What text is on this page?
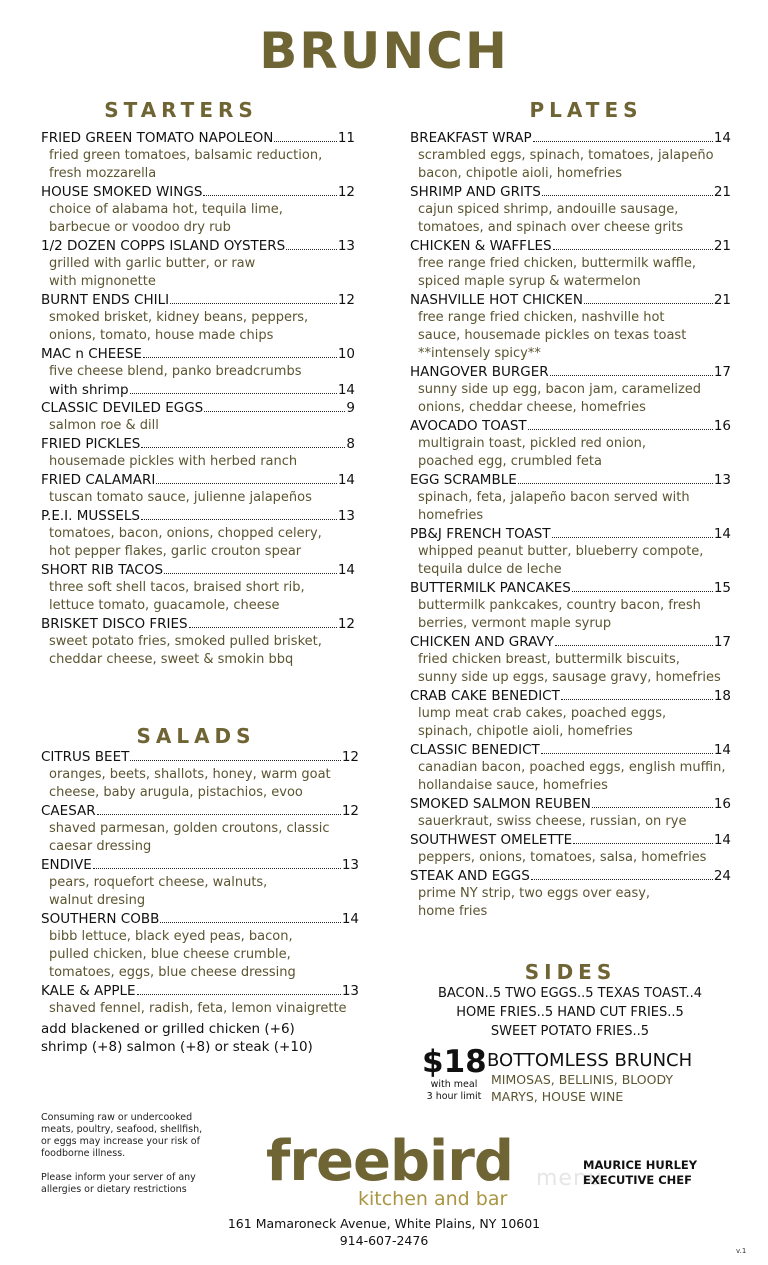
BRUNCH
STARTERS
FRIED GREEN TOMATO NAPOLEON	11
fried green tomatoes, balsamic reduction,
fresh mozzarella
HOUSE SMOKED WINGS	12
choice of alabama hot, tequila lime,
barbecue or voodoo dry rub
1/2 DOZEN COPPS ISLAND OYSTERS	13
grilled with garlic butter, or raw
with mignonette
BURNT ENDS CHILI	12
smoked brisket, kidney beans, peppers,
onions, tomato, house made chips
MAC n CHEESE	10
five cheese blend, panko breadcrumbs
with shrimp	14
CLASSIC DEVILED EGGS	9
salmon roe & dill
FRIED PICKLES	8
housemade pickles with herbed ranch
FRIED CALAMARI	14
tuscan tomato sauce, julienne jalapeños
P.E.I. MUSSELS	13
tomatoes, bacon, onions, chopped celery,
hot pepper flakes, garlic crouton spear
SHORT RIB TACOS	14
three soft shell tacos, braised short rib,
lettuce tomato, guacamole, cheese
BRISKET DISCO FRIES	12
sweet potato fries, smoked pulled brisket,
cheddar cheese, sweet & smokin bbq
SALADS
CITRUS BEET	12
oranges, beets, shallots, honey, warm goat
cheese, baby arugula, pistachios, evoo
CAESAR	12
shaved parmesan, golden croutons, classic
caesar dressing
ENDIVE	13
pears, roquefort cheese, walnuts,
walnut dresing
SOUTHERN COBB	14
bibb lettuce, black eyed peas, bacon,
pulled chicken, blue cheese crumble,
tomatoes, eggs, blue cheese dressing
KALE & APPLE	13
shaved fennel, radish, feta, lemon vinaigrette
add blackened or grilled chicken (+6)
shrimp (+8) salmon (+8) or steak (+10)
PLATES
BREAKFAST WRAP	14
scrambled eggs, spinach, tomatoes, jalapeño
bacon, chipotle aioli, homefries
SHRIMP AND GRITS	21
cajun spiced shrimp, andouille sausage,
tomatoes, and spinach over cheese grits
CHICKEN & WAFFLES	21
free range fried chicken, buttermilk waffle,
spiced maple syrup & watermelon
NASHVILLE HOT CHICKEN	21
free range fried chicken, nashville hot
sauce, housemade pickles on texas toast
**intensely spicy**
HANGOVER BURGER	17
sunny side up egg, bacon jam, caramelized
onions, cheddar cheese, homefries
AVOCADO TOAST	16
multigrain toast, pickled red onion,
poached egg, crumbled feta
EGG SCRAMBLE	13
spinach, feta, jalapeño bacon served with
homefries
PB&J FRENCH TOAST	14
whipped peanut butter, blueberry compote,
tequila dulce de leche
BUTTERMILK PANCAKES	15
buttermilk pankcakes, country bacon, fresh
berries, vermont maple syrup
CHICKEN AND GRAVY	17
fried chicken breast, buttermilk biscuits,
sunny side up eggs, sausage gravy, homefries
CRAB CAKE BENEDICT	18
lump meat crab cakes, poached eggs,
spinach, chipotle aioli, homefries
CLASSIC BENEDICT	14
canadian bacon, poached eggs, english muffin,
hollandaise sauce, homefries
SMOKED SALMON REUBEN	16
sauerkraut, swiss cheese, russian, on rye
SOUTHWEST OMELETTE	14
peppers, onions, tomatoes, salsa, homefries
STEAK AND EGGS	24
prime NY strip, two eggs over easy,
home fries
SIDES
BACON..5 TWO EGGS..5 TEXAS TOAST..4
HOME FRIES..5 HAND CUT FRIES..5
SWEET POTATO FRIES..5
$18
with meal
3 hour limit
BOTTOMLESS BRUNCH
MIMOSAS, BELLINIS, BLOODY
MARYS, HOUSE WINE
Consuming raw or undercooked
meats, poultry, seafood, shellfish,
or eggs may increase your risk of
foodborne illness.
Please inform your server of any
allergies or dietary restrictions	freebird
kitchen and bar
menu
MAURICE HURLEY
EXECUTIVE CHEF
161 Mamaroneck Avenue, White Plains, NY 10601
914-607-2476
v.1
